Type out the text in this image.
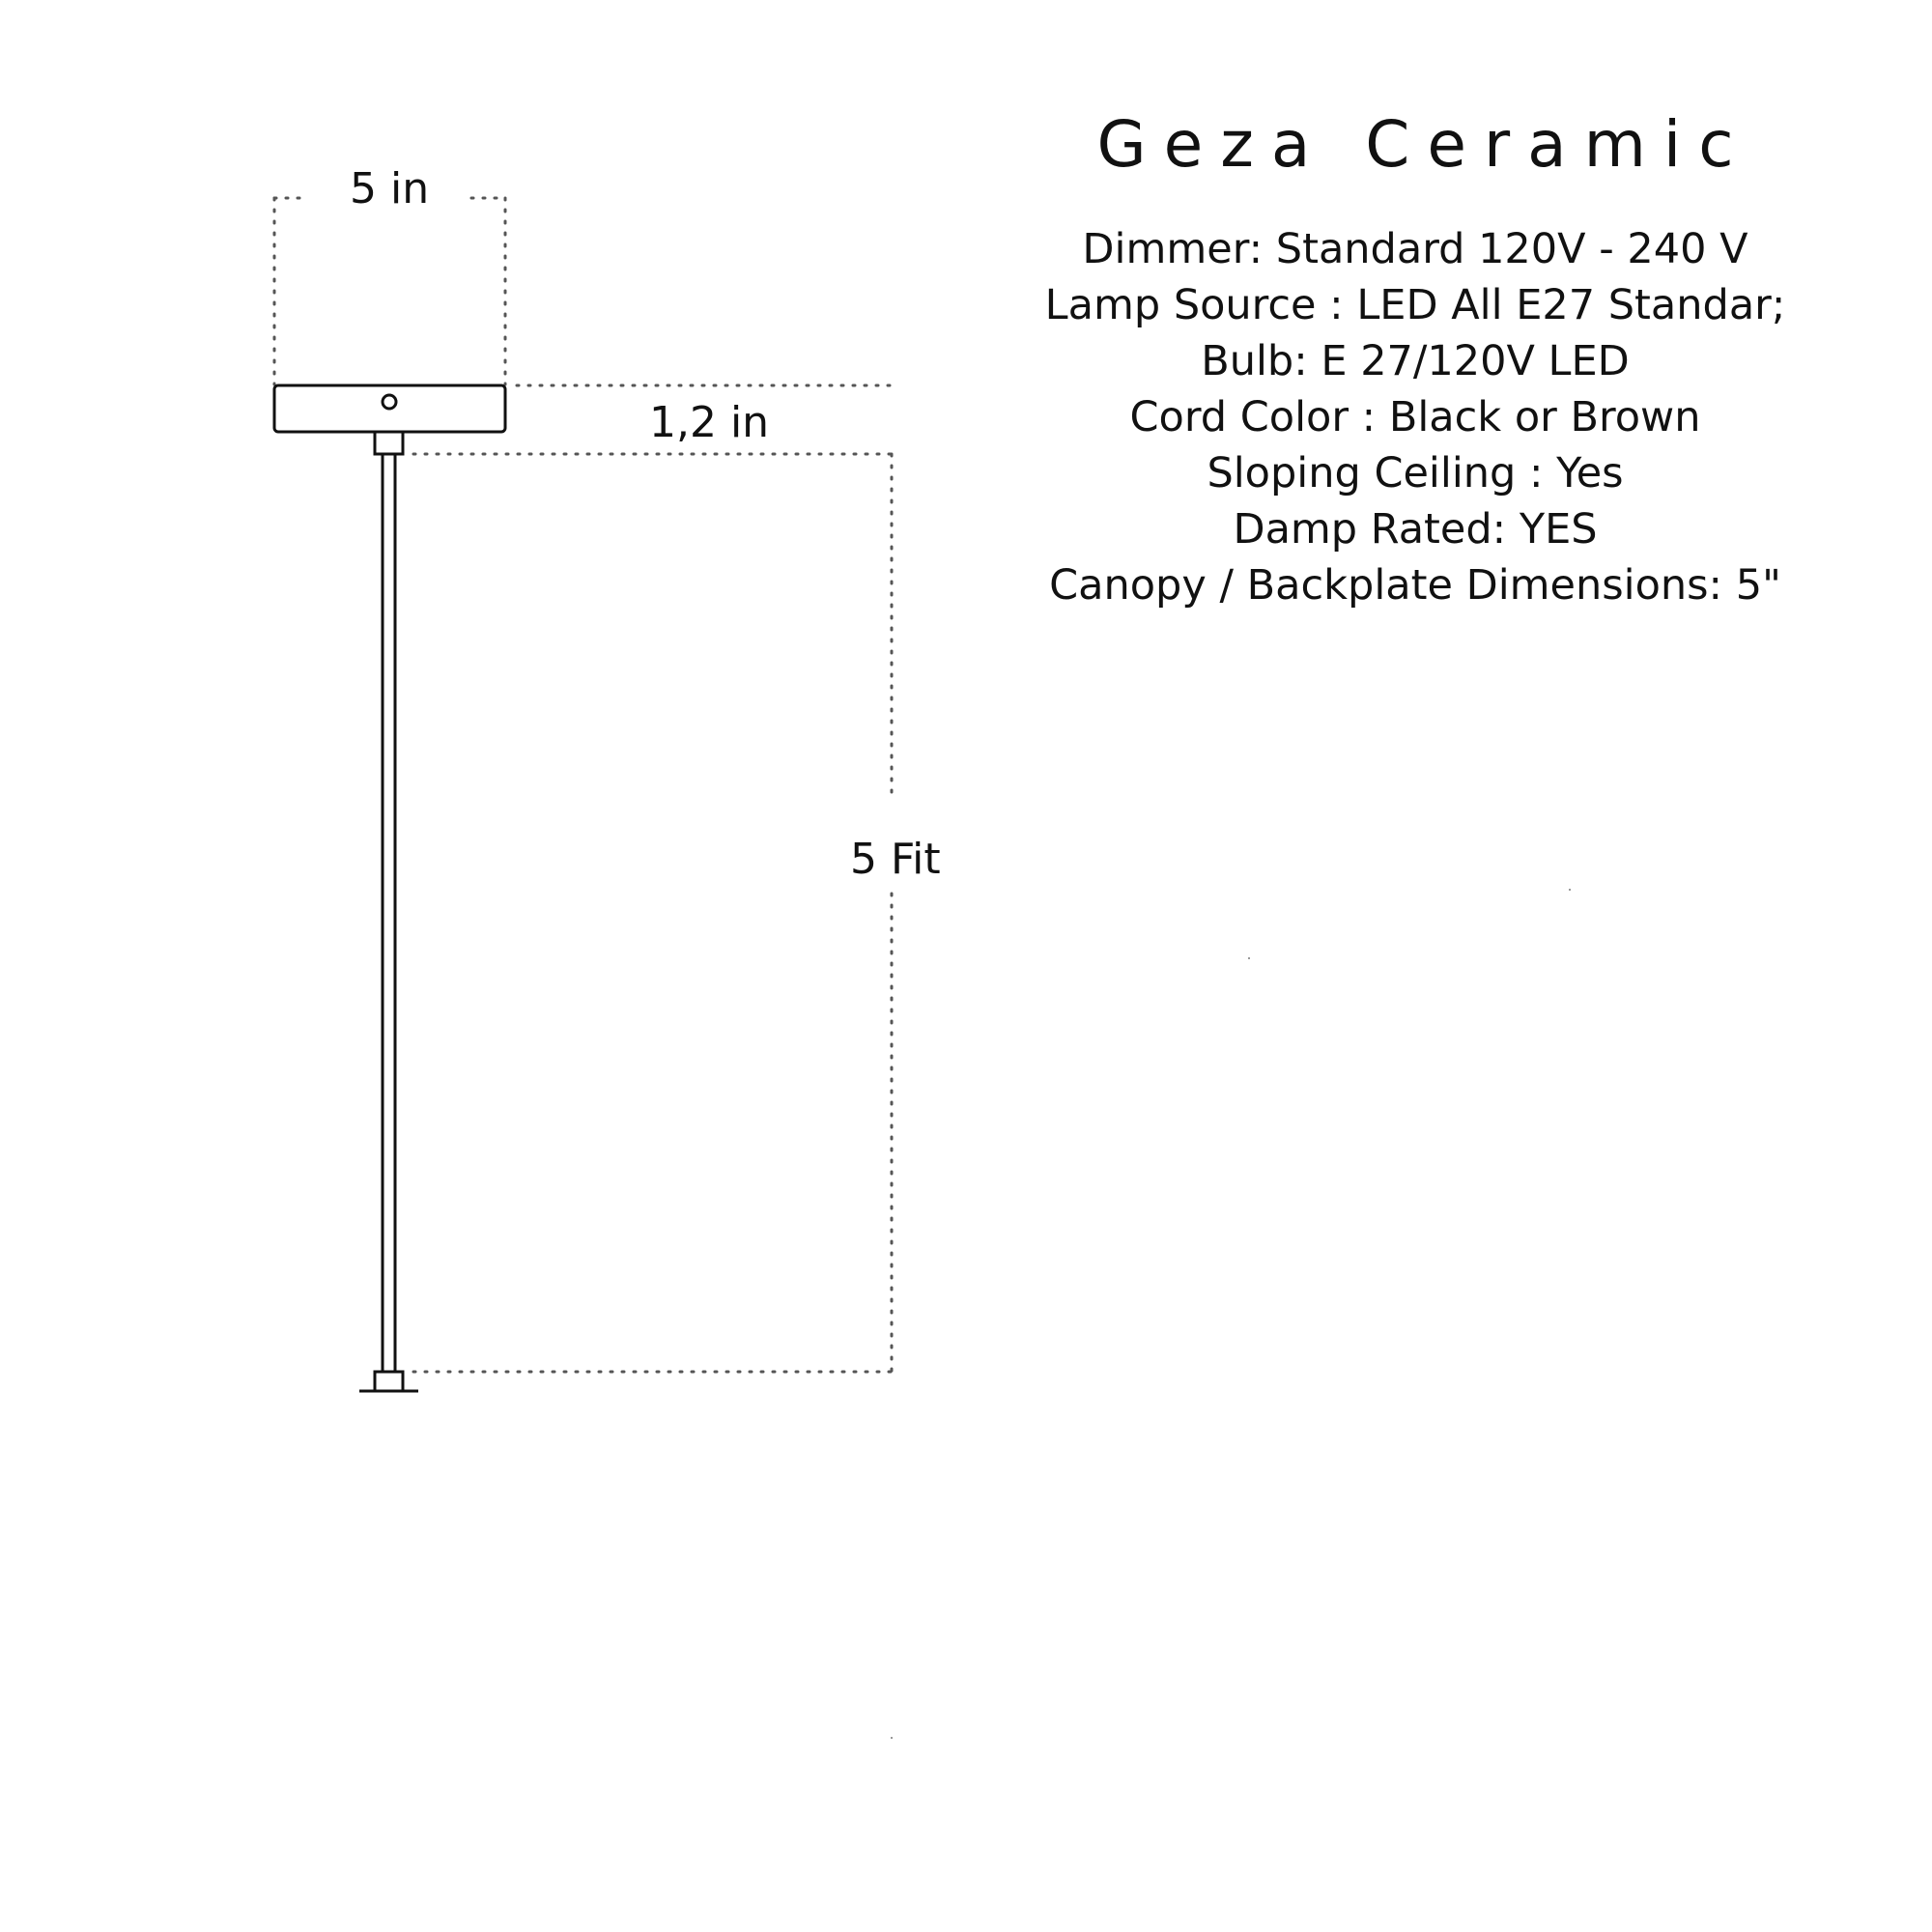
5 in
1,2 in
5 Fit
Geza Ceramic
Dimmer: Standard 120V - 240 V
Lamp Source : LED All E27 Standar;
Bulb: E 27/120V LED
Cord Color : Black or Brown
Sloping Ceiling : Yes
Damp Rated: YES
Canopy / Backplate Dimensions: 5"
